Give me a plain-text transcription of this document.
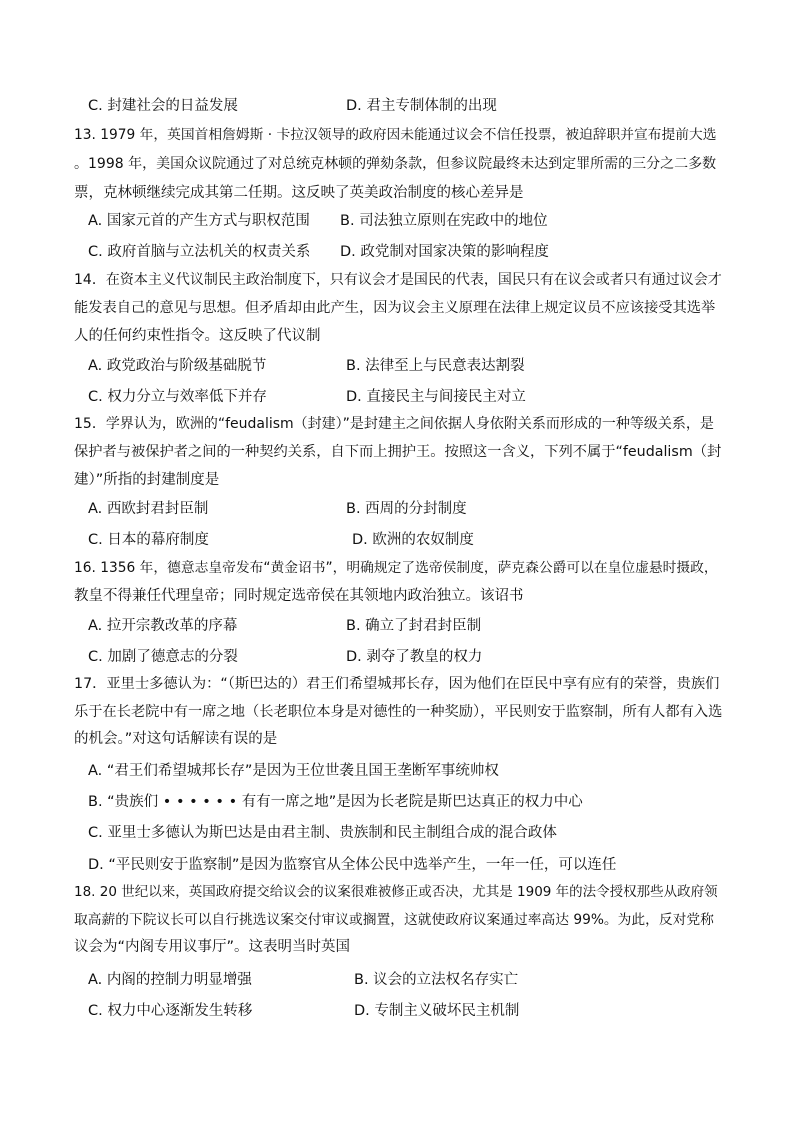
C. 封建社会的日益发展	D. 君主专制体制的出现
13. 1979 年，英国首相詹姆斯 · 卡拉汉领导的政府因未能通过议会不信任投票，被迫辞职并宣布提前大选
。1998 年，美国众议院通过了对总统克林顿的弹劾条款，但参议院最终未达到定罪所需的三分之二多数
票，克林顿继续完成其第二任期。这反映了英美政治制度的核心差异是
A. 国家元首的产生方式与职权范围 B. 司法独立原则在宪政中的地位
C. 政府首脑与立法机关的权责关系 D. 政党制对国家决策的影响程度
14．在资本主义代议制民主政治制度下，只有议会才是国民的代表，国民只有在议会或者只有通过议会才
能发表自己的意见与思想。但矛盾却由此产生，因为议会主义原理在法律上规定议员不应该接受其选举
人的任何约束性指令。这反映了代议制
A. 政党政治与阶级基础脱节	B. 法律至上与民意表达割裂
C. 权力分立与效率低下并存	D. 直接民主与间接民主对立
15．学界认为，欧洲的“feudalism（封建）”是封建主之间依据人身依附关系而形成的一种等级关系，是
保护者与被保护者之间的一种契约关系，自下而上拥护王。按照这一含义，下列不属于“feudalism（封
建）”所指的封建制度是
A. 西欧封君封臣制	B. 西周的分封制度
C. 日本的幕府制度	D. 欧洲的农奴制度
16. 1356 年，德意志皇帝发布“黄金诏书”，明确规定了选帝侯制度，萨克森公爵可以在皇位虚悬时摄政，
教皇不得兼任代理皇帝；同时规定选帝侯在其领地内政治独立。该诏书
A. 拉开宗教改革的序幕	B. 确立了封君封臣制
C. 加剧了德意志的分裂	D. 剥夺了教皇的权力
17．亚里士多德认为：“（斯巴达的）君王们希望城邦长存，因为他们在臣民中享有应有的荣誉，贵族们
乐于在长老院中有一席之地（长老职位本身是对德性的一种奖励），平民则安于监察制，所有人都有入选
的机会。”对这句话解读有误的是
A. “君王们希望城邦长存”是因为王位世袭且国王垄断军事统帅权
B. “贵族们 • • • • • • 有有一席之地”是因为长老院是斯巴达真正的权力中心
C. 亚里士多德认为斯巴达是由君主制、贵族制和民主制组合成的混合政体
D. “平民则安于监察制”是因为监察官从全体公民中选举产生，一年一任，可以连任
18. 20 世纪以来，英国政府提交给议会的议案很难被修正或否决，尤其是 1909 年的法令授权那些从政府领
取高薪的下院议长可以自行挑选议案交付审议或搁置，这就使政府议案通过率高达 99%。为此，反对党称
议会为“内阁专用议事厅”。这表明当时英国
A. 内阁的控制力明显增强	B. 议会的立法权名存实亡
C. 权力中心逐渐发生转移	D. 专制主义破坏民主机制
